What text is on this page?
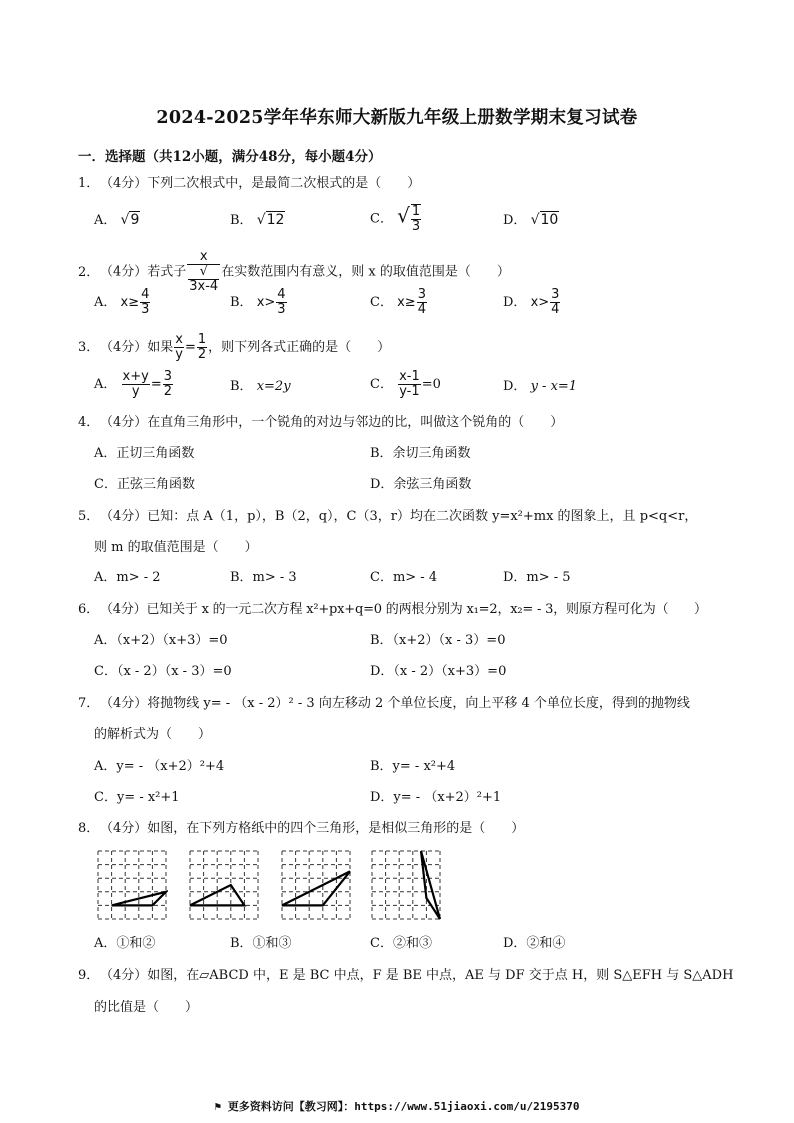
2024-2025学年华东师大新版九年级上册数学期末复习试卷
一．选择题（共12小题，满分48分，每小题4分）
1．（4分）下列二次根式中，是最简二次根式的是（　　）
A． √9	B． √12	C． √ $\frac{1}{3}$	D． √10
2．（4分）若式子 x
√
3x-4 在实数范围内有意义，则 x 的取值范围是（　　）
A． $x\ge \frac{4}{3}$	B． $x> \frac{4}{3}$	C． $x\ge \frac{3}{4}$	D． $x> \frac{3}{4}$
3．（4分）如果 $\frac{x}{y} = \frac{1}{2}$ ，则下列各式正确的是（　　）
A． $\frac{x+y}{y} = \frac{3}{2}$	B． x=2y	C． $\frac{x-1}{y-1} =0$	D． y - x=1
4．（4分）在直角三角形中，一个锐角的对边与邻边的比，叫做这个锐角的（　　）
A．正切三角函数	B．余切三角函数
C．正弦三角函数	D．余弦三角函数
5．（4分）已知：点 A（1，p），B（2，q），C（3，r）均在二次函数 y=x²+mx 的图象上，且 p<q<r，
则 m 的取值范围是（　　）
A．m> - 2	B．m> - 3	C．m> - 4	D．m> - 5
6．（4分）已知关于 x 的一元二次方程 x²+px+q=0 的两根分别为 x₁=2，x₂= - 3，则原方程可化为（　　）
A．（x+2）（x+3）=0	B．（x+2）（x - 3）=0
C．（x - 2）（x - 3）=0	D．（x - 2）（x+3）=0
7．（4分）将抛物线 y= - （x - 2）² - 3 向左移动 2 个单位长度，向上平移 4 个单位长度，得到的抛物线
的解析式为（　　）
A．y= - （x+2）²+4	B．y= - x²+4
C．y= - x²+1	D．y= - （x+2）²+1
8．（4分）如图，在下列方格纸中的四个三角形，是相似三角形的是（　　）
A．①和②	B．①和③	C．②和③	D．②和④
9．（4分）如图，在▱ABCD 中，E 是 BC 中点，F 是 BE 中点，AE 与 DF 交于点 H，则 S△EFH 与 S△ADH
的比值是（　　）
⚑ 更多资料访问【教习网】：https://www.51jiaoxi.com/u/2195370
